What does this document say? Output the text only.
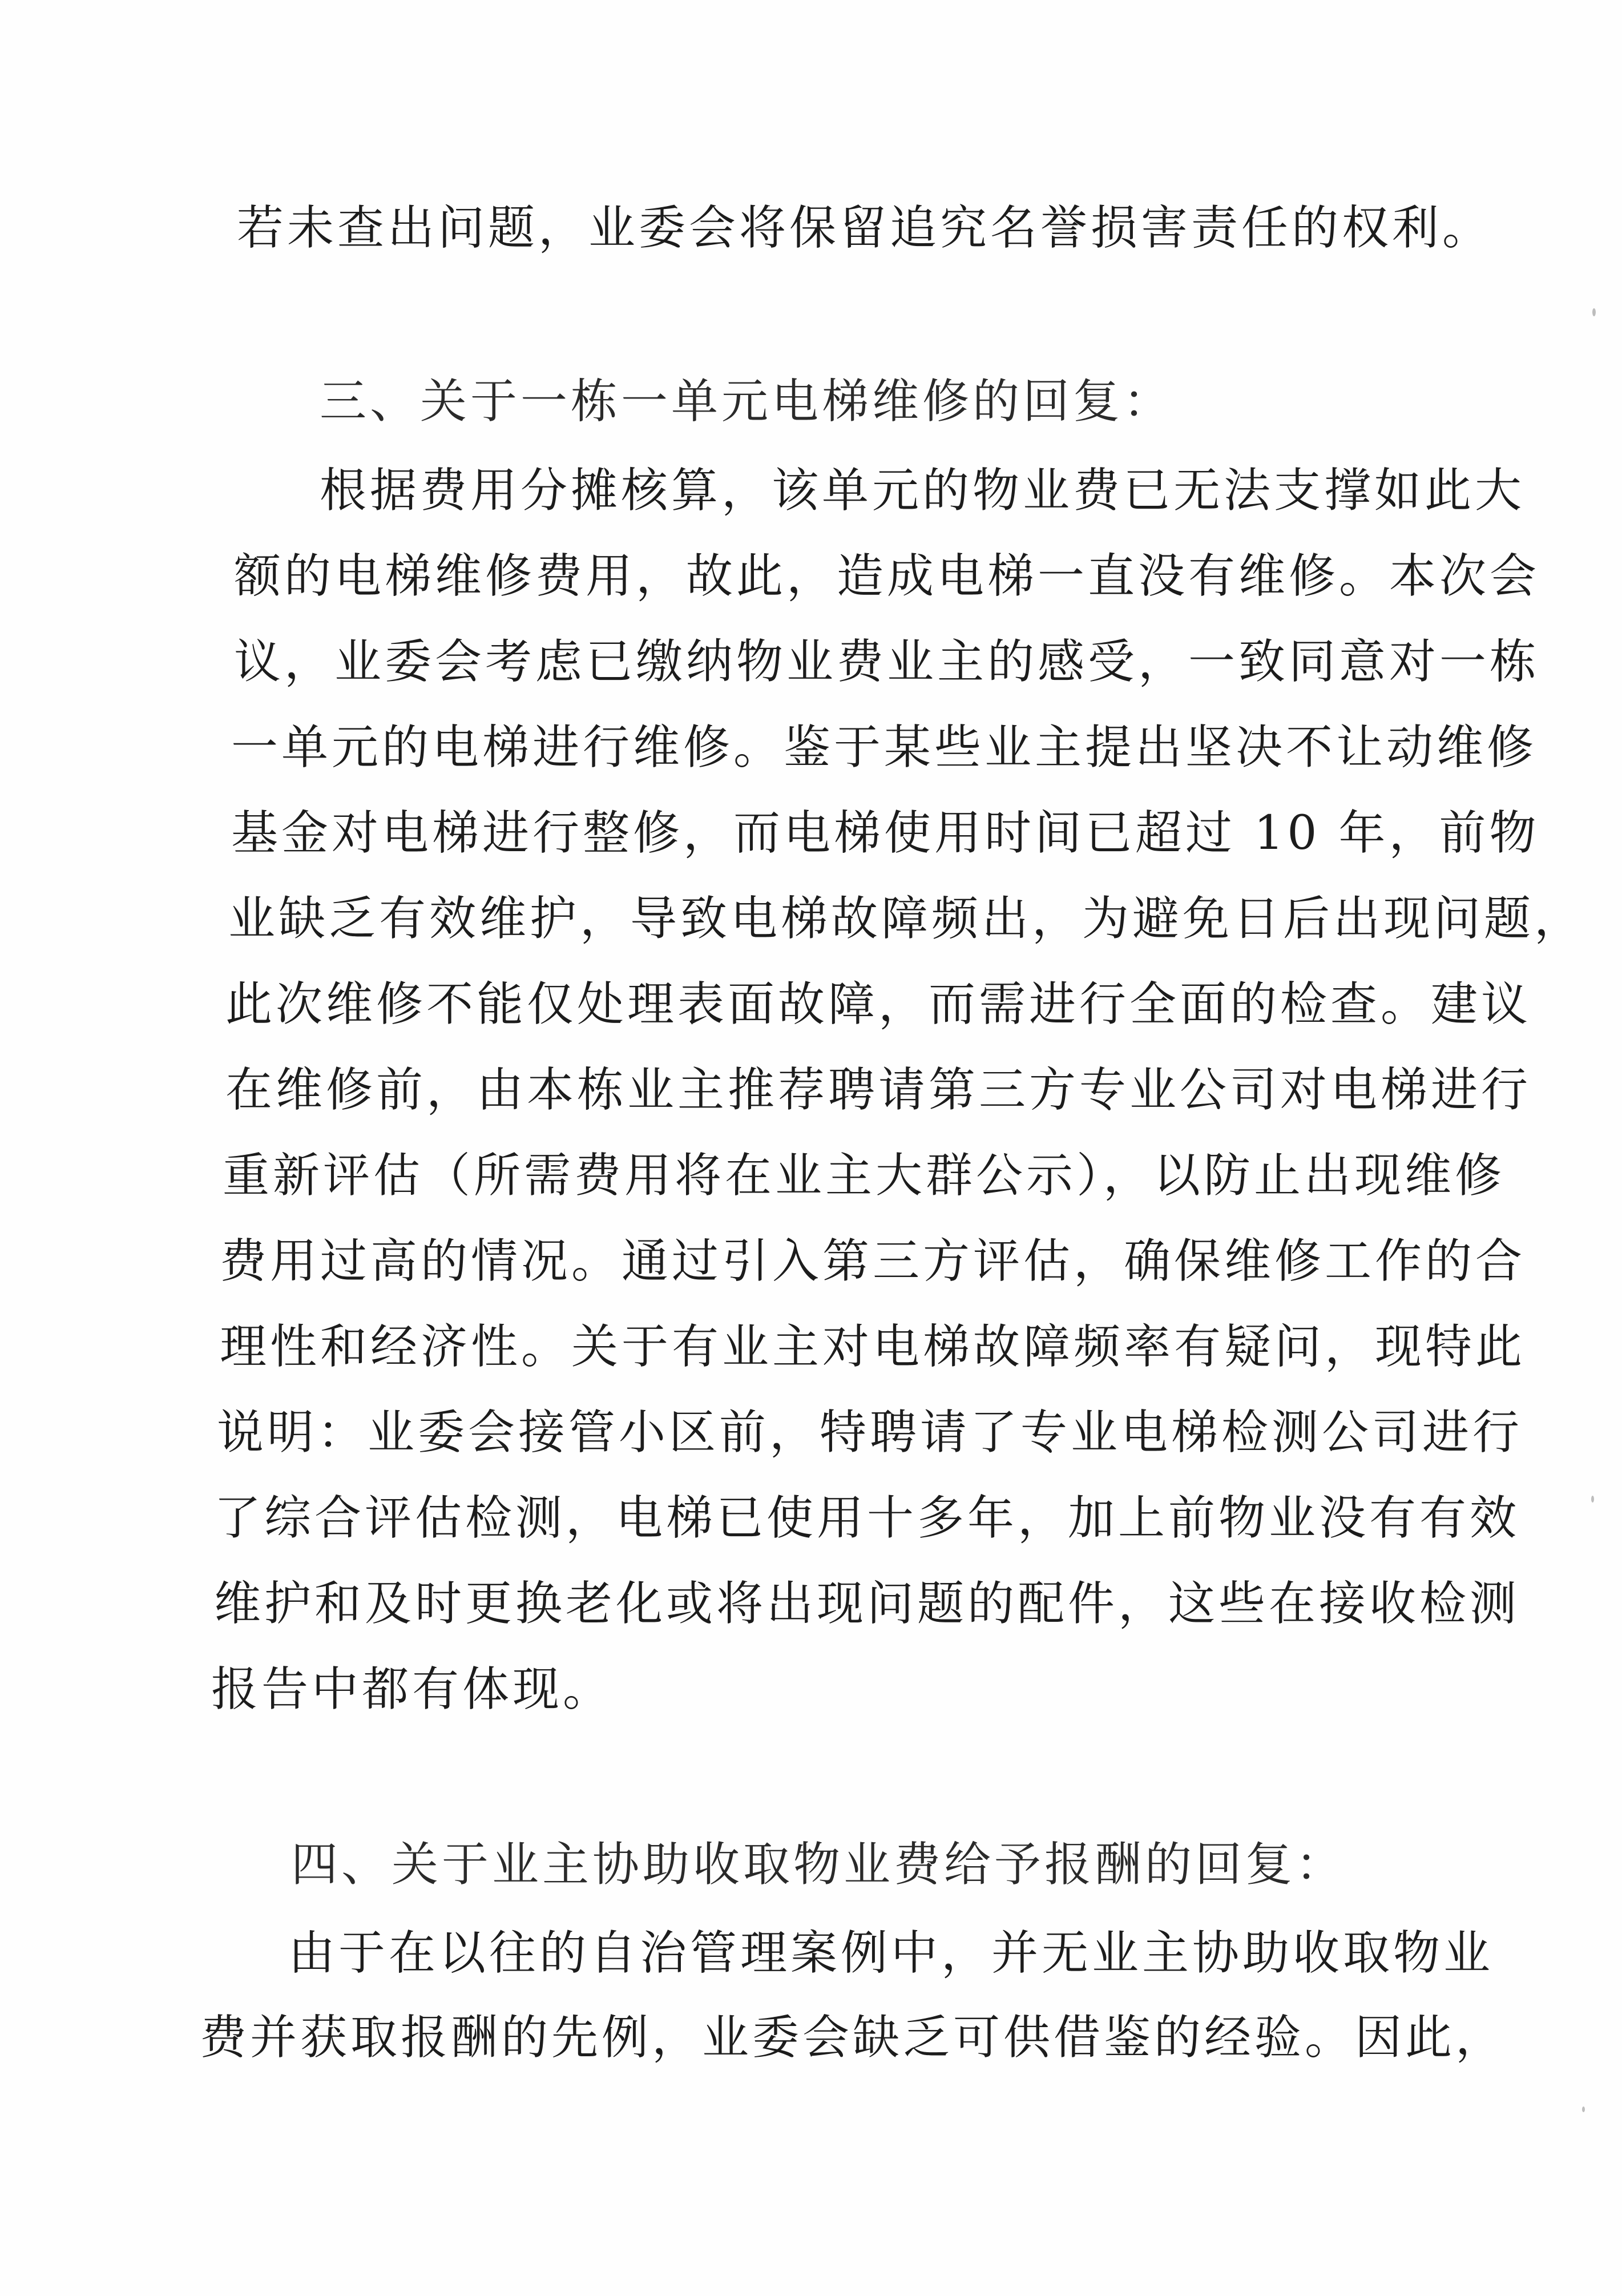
若未查出问题，业委会将保留追究名誉损害责任的权利。
三、关于一栋一单元电梯维修的回复：
根据费用分摊核算，该单元的物业费已无法支撑如此大
额的电梯维修费用，故此，造成电梯一直没有维修。本次会
议，业委会考虑已缴纳物业费业主的感受，一致同意对一栋
一单元的电梯进行维修。鉴于某些业主提出坚决不让动维修
基金对电梯进行整修，而电梯使用时间已超过 10 年，前物
业缺乏有效维护，导致电梯故障频出，为避免日后出现问题，
此次维修不能仅处理表面故障，而需进行全面的检查。建议
在维修前，由本栋业主推荐聘请第三方专业公司对电梯进行
重新评估（所需费用将在业主大群公示），以防止出现维修
费用过高的情况。通过引入第三方评估，确保维修工作的合
理性和经济性。关于有业主对电梯故障频率有疑问，现特此
说明：业委会接管小区前，特聘请了专业电梯检测公司进行
了综合评估检测，电梯已使用十多年，加上前物业没有有效
维护和及时更换老化或将出现问题的配件，这些在接收检测
报告中都有体现。
四、关于业主协助收取物业费给予报酬的回复：
由于在以往的自治管理案例中，并无业主协助收取物业
费并获取报酬的先例，业委会缺乏可供借鉴的经验。因此，
